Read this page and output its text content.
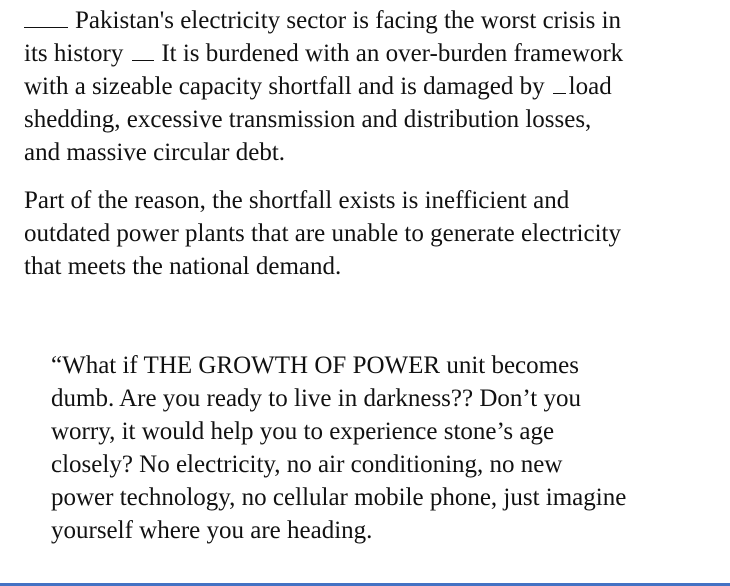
Pakistan's electricity sector is facing the worst crisis in
its history It is burdened with an over-burden framework
with a sizeable capacity shortfall and is damaged by load
shedding, excessive transmission and distribution losses,
and massive circular debt.

Part of the reason, the shortfall exists is inefficient and
outdated power plants that are unable to generate electricity
that meets the national demand.

“What if THE GROWTH OF POWER unit becomes
dumb. Are you ready to live in darkness?? Don’t you
worry, it would help you to experience stone’s age
closely? No electricity, no air conditioning, no new
power technology, no cellular mobile phone, just imagine
yourself where you are heading.
